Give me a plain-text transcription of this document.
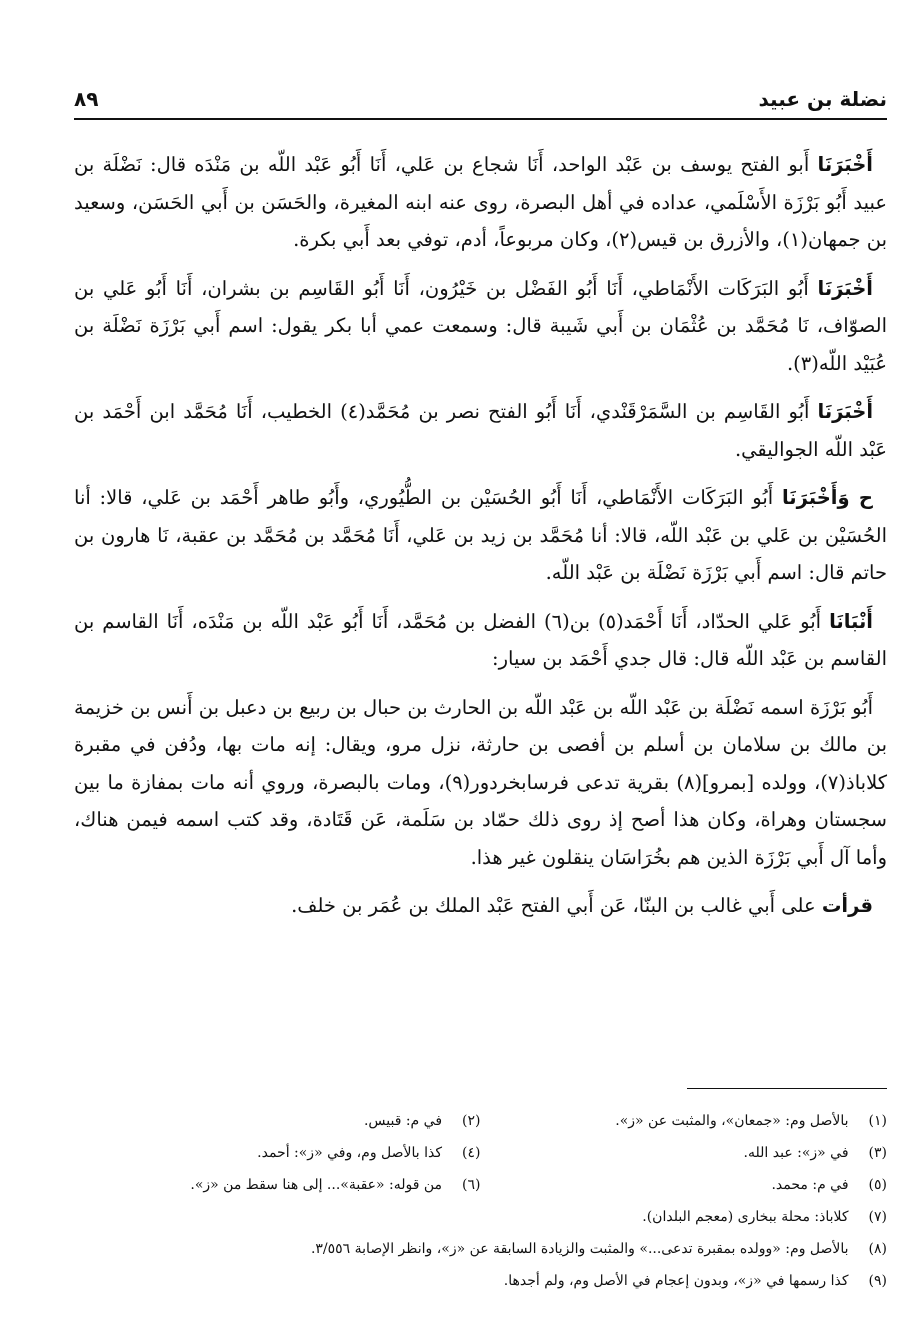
نضلة بن عبيد
٨٩

أَخْبَرَنَا أَبو الفتح يوسف بن عَبْد الواحد، أَنَا شجاع بن عَلي، أَنَا أَبُو عَبْد اللّه بن مَنْدَه قال: نَضْلَة بن عبيد أَبُو بَرْزَة الأَسْلَمي، عداده في أهل البصرة، روى عنه ابنه المغيرة، والحَسَن بن أَبي الحَسَن، وسعيد بن جمهان(١)، والأزرق بن قيس(٢)، وكان مربوعاً، أدم، توفي بعد أَبي بكرة.

أَخْبَرَنَا أَبُو البَرَكَات الأَنْمَاطي، أَنَا أَبُو الفَضْل بن خَيْرُون، أَنَا أَبُو القَاسِم بن بشران، أَنَا أَبُو عَلي بن الصوّاف، نَا مُحَمَّد بن عُثْمَان بن أَبي شَيبة قال: وسمعت عمي أبا بكر يقول: اسم أَبي بَرْزَة نَضْلَة بن عُبَيْد اللّه(٣).

أَخْبَرَنَا أَبُو القَاسِم بن السَّمَرْقَنْدي، أَنَا أَبُو الفتح نصر بن مُحَمَّد(٤) الخطيب، أَنَا مُحَمَّد ابن أَحْمَد بن عَبْد اللّه الجواليقي.

ح وَأَخْبَرَنَا أَبُو البَرَكَات الأَنْمَاطي، أَنَا أَبُو الحُسَيْن بن الطُّيُوري، وأَبُو طاهر أَحْمَد بن عَلي، قالا: أنا الحُسَيْن بن عَلي بن عَبْد اللّه، قالا: أنا مُحَمَّد بن زيد بن عَلي، أَنَا مُحَمَّد بن مُحَمَّد بن عقبة، نَا هارون بن حاتم قال: اسم أَبي بَرْزَة نَضْلَة بن عَبْد اللّه.

أَنْبَانَا أَبُو عَلي الحدّاد، أَنَا أَحْمَد(٥) بن(٦) الفضل بن مُحَمَّد، أَنَا أَبُو عَبْد اللّه بن مَنْدَه، أَنَا القاسم بن القاسم بن عَبْد اللّه قال: قال جدي أَحْمَد بن سيار:

أَبُو بَرْزَة اسمه نَضْلَة بن عَبْد اللّه بن عَبْد اللّه بن الحارث بن حبال بن ربيع بن دعبل بن أَنس بن خزيمة بن مالك بن سلامان بن أسلم بن أفصى بن حارثة، نزل مرو، ويقال: إنه مات بها، ودُفن في مقبرة كلاباذ(٧)، وولده [بمرو](٨) بقرية تدعى فرسابخردور(٩)، ومات بالبصرة، وروي أنه مات بمفازة ما بين سجستان وهراة، وكان هذا أصح إذ روى ذلك حمّاد بن سَلَمة، عَن قَتَادة، وقد كتب اسمه فيمن هناك، وأما آل أَبي بَرْزَة الذين هم بخُرَاسَان ينقلون غير هذا.

قرأت على أَبي غالب بن البنّا، عَن أَبي الفتح عَبْد الملك بن عُمَر بن خلف.

(١) بالأصل وم: «جمعان»، والمثبت عن «ز».
(٢) في م: قبيس.
(٣) في «ز»: عبد الله.
(٤) كذا بالأصل وم، وفي «ز»: أحمد.
(٥) في م: محمد.
(٦) من قوله: «عقبة»... إلى هنا سقط من «ز».
(٧) كلاباذ: محلة ببخارى (معجم البلدان).
(٨) بالأصل وم: «وولده بمقبرة تدعى...» والمثبت والزيادة السابقة عن «ز»، وانظر الإصابة ٣/٥٥٦.
(٩) كذا رسمها في «ز»، وبدون إعجام في الأصل وم، ولم أجدها.
